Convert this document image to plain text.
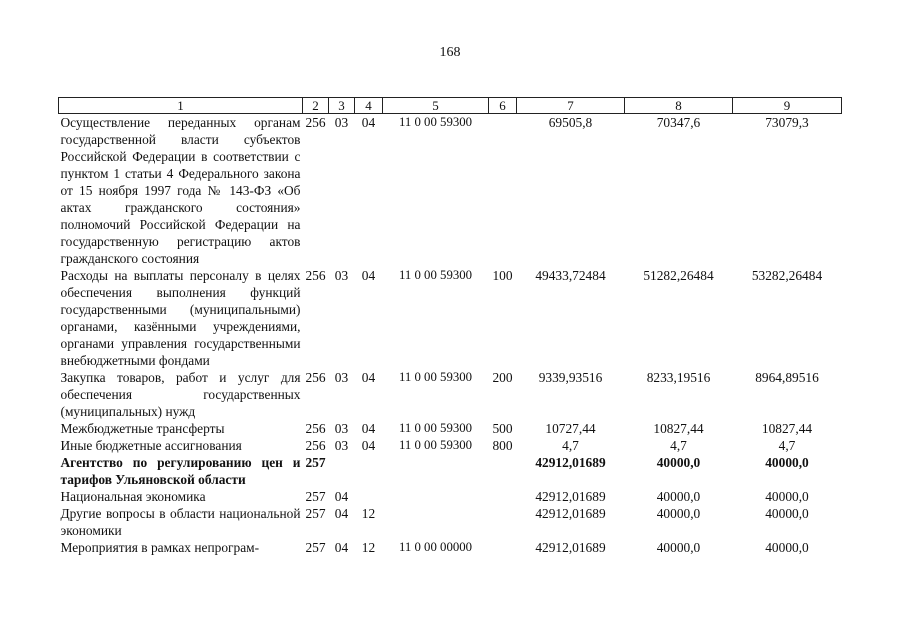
168
1	2	3	4	5	6	7	8	9
Осуществление переданных органам государственной власти субъектов Российской Федерации в соответствии с пунктом 1 статьи 4 Федерального закона от 15 ноября 1997 года № 143-ФЗ «Об актах гражданского состояния» полномочий Российской Федерации на государственную регистрацию актов гражданского состояния	256	03	04	11 0 00 59300		69505,8	70347,6	73079,3
Расходы на выплаты персоналу в целях обеспечения выполнения функций государственными (муниципальными) органами, казёнными учреждениями, органами управления государственными внебюджетными фондами	256	03	04	11 0 00 59300	100	49433,72484	51282,26484	53282,26484
Закупка товаров, работ и услуг для обеспечения государственных (муниципальных) нужд	256	03	04	11 0 00 59300	200	9339,93516	8233,19516	8964,89516
Межбюджетные трансферты	256	03	04	11 0 00 59300	500	10727,44	10827,44	10827,44
Иные бюджетные ассигнования	256	03	04	11 0 00 59300	800	4,7	4,7	4,7
Агентство по регулированию цен и тарифов Ульяновской области	257					42912,01689	40000,0	40000,0
Национальная экономика	257	04				42912,01689	40000,0	40000,0
Другие вопросы в области национальной экономики	257	04	12			42912,01689	40000,0	40000,0
Мероприятия в рамках непрограм-	257	04	12	11 0 00 00000		42912,01689	40000,0	40000,0
